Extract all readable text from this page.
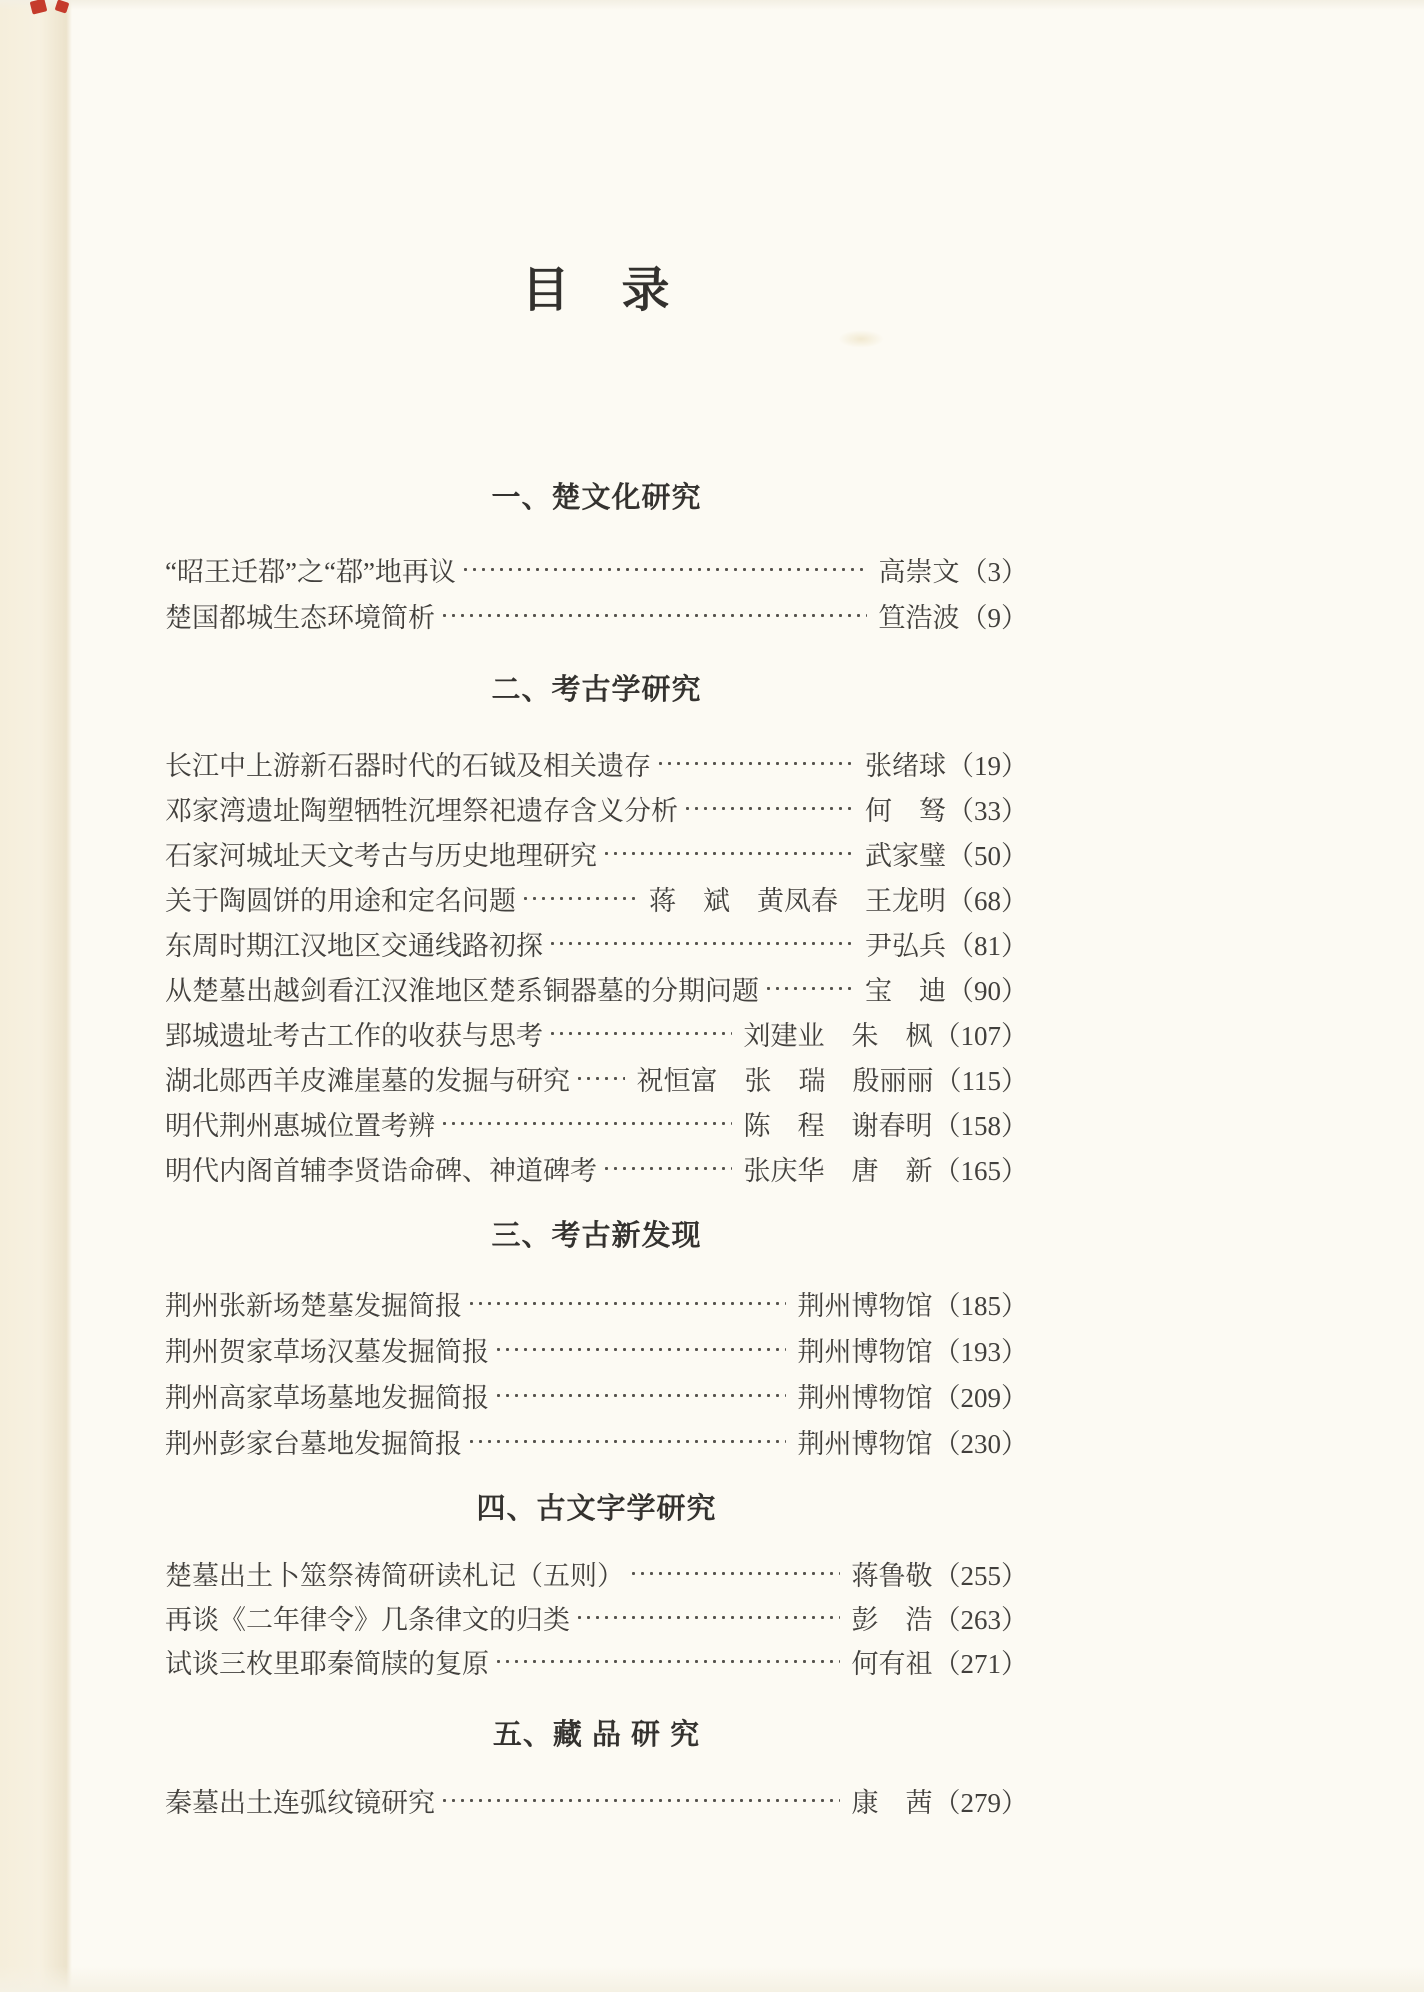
目　录
一、楚文化研究
“昭王迁鄀”之“鄀”地再议	高崇文 （3）
楚国都城生态环境简析	笪浩波 （9）
二、考古学研究
长江中上游新石器时代的石钺及相关遗存	张绪球 （19）
邓家湾遗址陶塑牺牲沉埋祭祀遗存含义分析	何　驽 （33）
石家河城址天文考古与历史地理研究	武家璧 （50）
关于陶圆饼的用途和定名问题	蒋　斌　黄凤春　王龙明 （68）
东周时期江汉地区交通线路初探	尹弘兵 （81）
从楚墓出越剑看江汉淮地区楚系铜器墓的分期问题	宝　迪 （90）
郢城遗址考古工作的收获与思考	刘建业　朱　枫 （107）
湖北郧西羊皮滩崖墓的发掘与研究 祝恒富　张　瑞　殷丽丽 （115）
明代荆州惠城位置考辨	陈　程　谢春明 （158）
明代内阁首辅李贤诰命碑、神道碑考	张庆华　唐　新 （165）
三、考古新发现
荆州张新场楚墓发掘简报	荆州博物馆 （185）
荆州贺家草场汉墓发掘简报	荆州博物馆 （193）
荆州高家草场墓地发掘简报	荆州博物馆 （209）
荆州彭家台墓地发掘简报	荆州博物馆 （230）
四、古文字学研究
楚墓出土卜筮祭祷简研读札记（五则）	蒋鲁敬 （255）
再谈《二年律令》几条律文的归类	彭　浩 （263）
试谈三枚里耶秦简牍的复原	何有祖 （271）
五、藏 品 研 究
秦墓出土连弧纹镜研究	康　茜 （279）
